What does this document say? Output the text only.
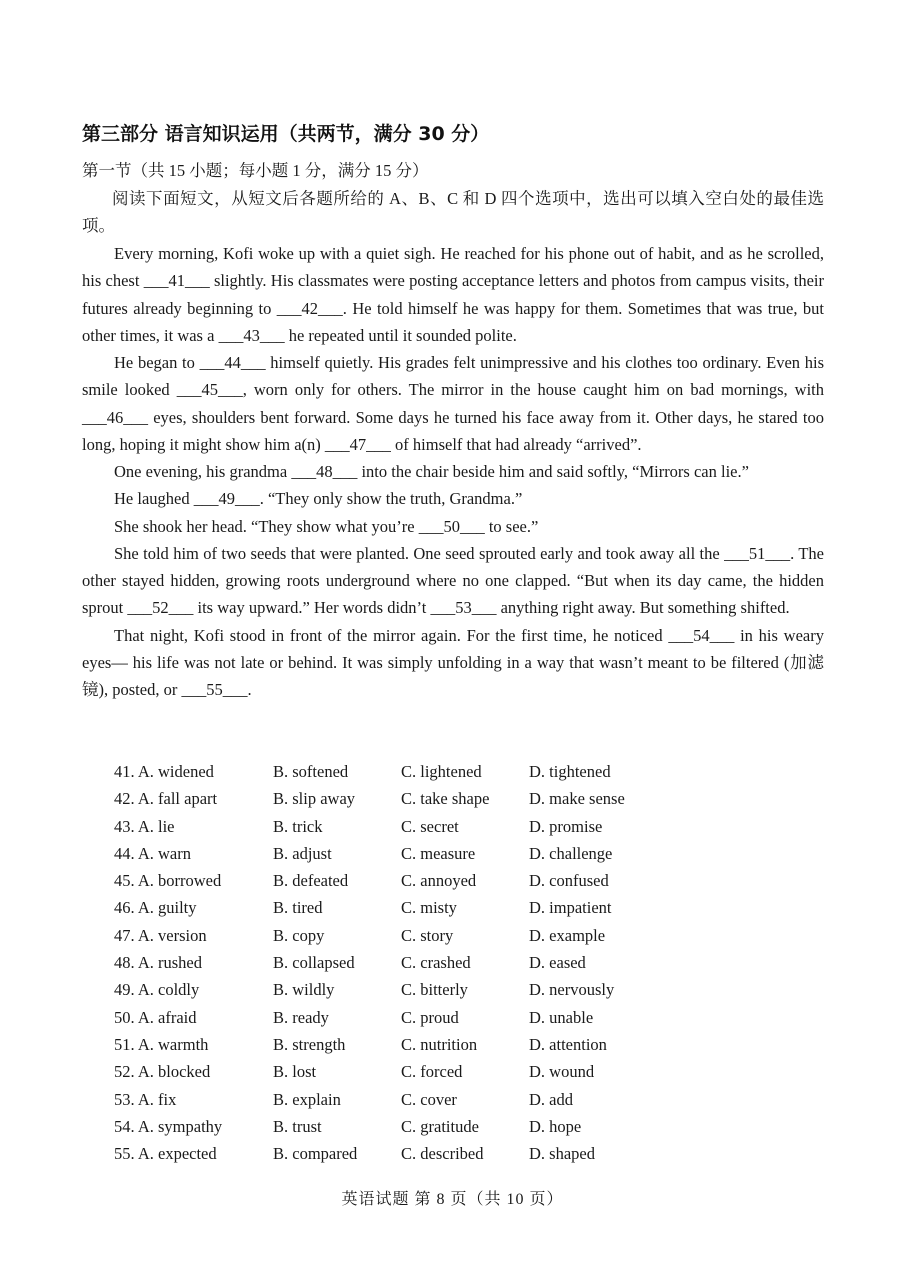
第三部分 语言知识运用（共两节，满分 30 分）
第一节（共 15 小题；每小题 1 分，满分 15 分）
阅读下面短文，从短文后各题所给的 A、B、C 和 D 四个选项中，选出可以填入空白处的最佳选项。

Every morning, Kofi woke up with a quiet sigh. He reached for his phone out of habit, and as he scrolled, his chest ___41___ slightly. His classmates were posting acceptance letters and photos from campus visits, their futures already beginning to ___42___. He told himself he was happy for them. Sometimes that was true, but other times, it was a ___43___ he repeated until it sounded polite.

He began to ___44___ himself quietly. His grades felt unimpressive and his clothes too ordinary. Even his smile looked ___45___, worn only for others. The mirror in the house caught him on bad mornings, with ___46___ eyes, shoulders bent forward. Some days he turned his face away from it. Other days, he stared too long, hoping it might show him a(n) ___47___ of himself that had already “arrived”.

One evening, his grandma ___48___ into the chair beside him and said softly, “Mirrors can lie.”

He laughed ___49___. “They only show the truth, Grandma.”

She shook her head. “They show what you’re ___50___ to see.”

She told him of two seeds that were planted. One seed sprouted early and took away all the ___51___. The other stayed hidden, growing roots underground where no one clapped. “But when its day came, the hidden sprout ___52___ its way upward.” Her words didn’t ___53___ anything right away. But something shifted.

That night, Kofi stood in front of the mirror again. For the first time, he noticed ___54___ in his weary eyes— his life was not late or behind. It was simply unfolding in a way that wasn’t meant to be filtered (加滤镜), posted, or ___55___.

41. A. widened	B. softened	C. lightened	D. tightened
42. A. fall apart	B. slip away	C. take shape	D. make sense
43. A. lie	B. trick	C. secret	D. promise
44. A. warn	B. adjust	C. measure	D. challenge
45. A. borrowed	B. defeated	C. annoyed	D. confused
46. A. guilty	B. tired	C. misty	D. impatient
47. A. version	B. copy	C. story	D. example
48. A. rushed	B. collapsed	C. crashed	D. eased
49. A. coldly	B. wildly	C. bitterly	D. nervously
50. A. afraid	B. ready	C. proud	D. unable
51. A. warmth	B. strength	C. nutrition	D. attention
52. A. blocked	B. lost	C. forced	D. wound
53. A. fix	B. explain	C. cover	D. add
54. A. sympathy	B. trust	C. gratitude	D. hope
55. A. expected	B. compared	C. described	D. shaped
英语试题 第 8 页（共 10 页）
